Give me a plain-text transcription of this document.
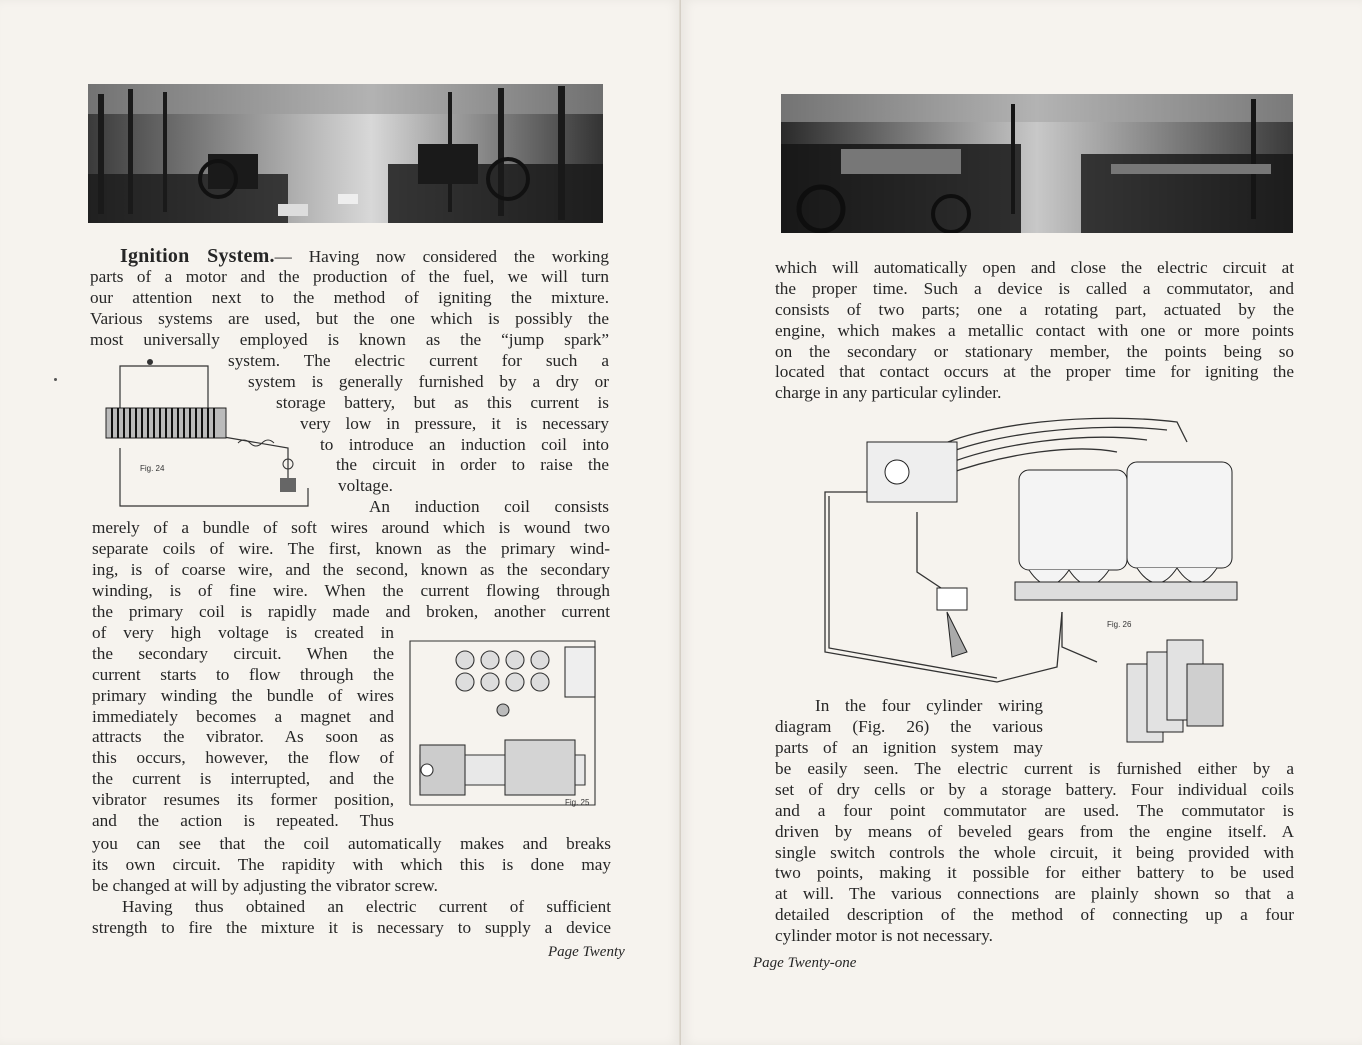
Ignition System.— Having now considered the working
parts of a motor and the production of the fuel, we will turn
our attention next to the method of igniting the mixture.
Various systems are used, but the one which is possibly the
most universally employed is known as the “jump spark”
Fig. 24
system. The electric current for such a
system is generally furnished by a dry or
storage battery, but as this current is
very low in pressure, it is necessary
to introduce an induction coil into
the circuit in order to raise the
voltage.
An induction coil consists
merely of a bundle of soft wires around which is wound two
separate coils of wire. The first, known as the primary wind-
ing, is of coarse wire, and the second, known as the secondary
winding, is of fine wire. When the current flowing through
the primary coil is rapidly made and broken, another current
of very high voltage is created in
the secondary circuit. When the
current starts to flow through the
primary winding the bundle of wires
immediately becomes a magnet and
attracts the vibrator. As soon as
this occurs, however, the flow of
the current is interrupted, and the
vibrator resumes its former position,
and the action is repeated. Thus
Fig. 25
you can see that the coil automatically makes and breaks
its own circuit. The rapidity with which this is done may
be changed at will by adjusting the vibrator screw.
Having thus obtained an electric current of sufficient
strength to fire the mixture it is necessary to supply a device
Page Twenty
which will automatically open and close the electric circuit at
the proper time. Such a device is called a commutator, and
consists of two parts; one a rotating part, actuated by the
engine, which makes a metallic contact with one or more points
on the secondary or stationary member, the points being so
located that contact occurs at the proper time for igniting the
charge in any particular cylinder.
Fig. 26
In the four cylinder wiring
diagram (Fig. 26) the various
parts of an ignition system may
be easily seen. The electric current is furnished either by a
set of dry cells or by a storage battery. Four individual coils
and a four point commutator are used. The commutator is
driven by means of beveled gears from the engine itself. A
single switch controls the whole circuit, it being provided with
two points, making it possible for either battery to be used
at will. The various connections are plainly shown so that a
detailed description of the method of connecting up a four
cylinder motor is not necessary.
Page Twenty-one
